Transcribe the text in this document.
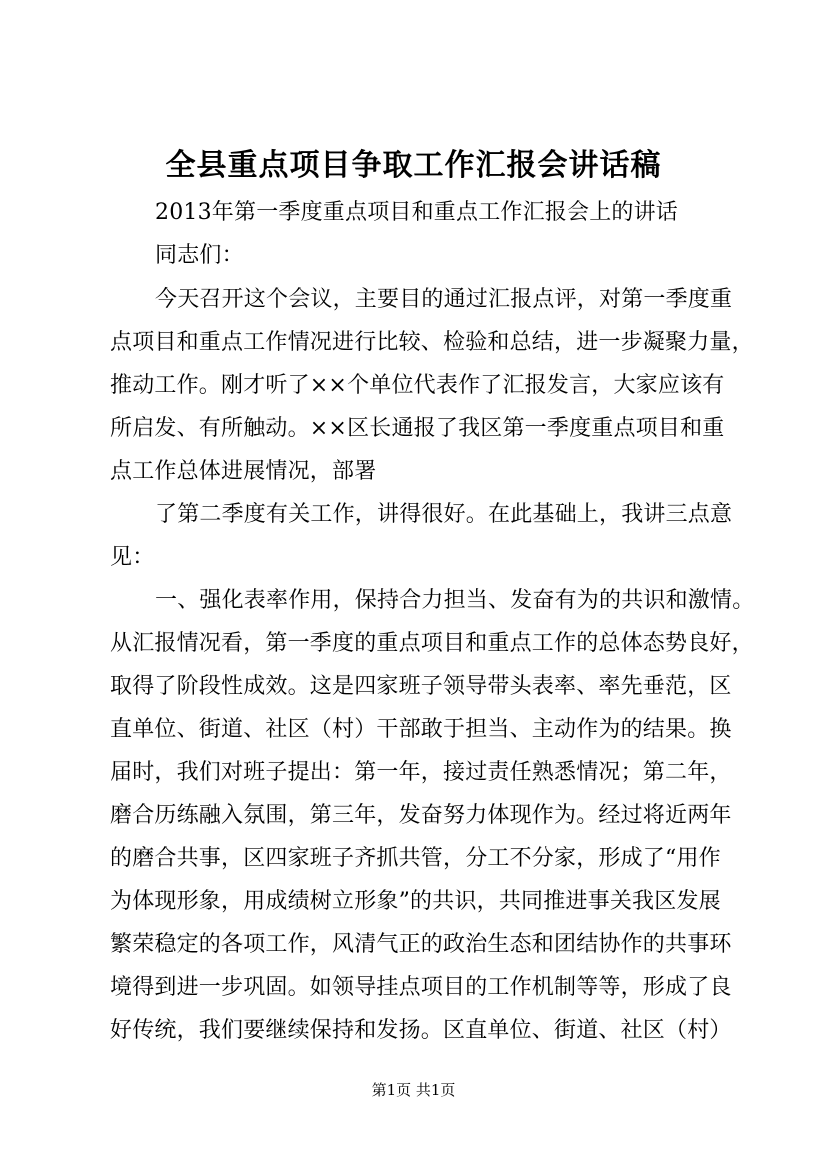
全县重点项目争取工作汇报会讲话稿
2013年第一季度重点项目和重点工作汇报会上的讲话
同志们：
今天召开这个会议，主要目的通过汇报点评，对第一季度重
点项目和重点工作情况进行比较、检验和总结，进一步凝聚力量，
推动工作。刚才听了××个单位代表作了汇报发言，大家应该有
所启发、有所触动。××区长通报了我区第一季度重点项目和重
点工作总体进展情况，部署
了第二季度有关工作，讲得很好。在此基础上，我讲三点意
见：
一、强化表率作用，保持合力担当、发奋有为的共识和激情。
从汇报情况看，第一季度的重点项目和重点工作的总体态势良好，
取得了阶段性成效。这是四家班子领导带头表率、率先垂范，区
直单位、街道、社区（村）干部敢于担当、主动作为的结果。换
届时，我们对班子提出：第一年，接过责任熟悉情况；第二年，
磨合历练融入氛围，第三年，发奋努力体现作为。经过将近两年
的磨合共事，区四家班子齐抓共管，分工不分家，形成了“用作
为体现形象，用成绩树立形象”的共识，共同推进事关我区发展
繁荣稳定的各项工作，风清气正的政治生态和团结协作的共事环
境得到进一步巩固。如领导挂点项目的工作机制等等，形成了良
好传统，我们要继续保持和发扬。区直单位、街道、社区（村）
第1页 共1页
